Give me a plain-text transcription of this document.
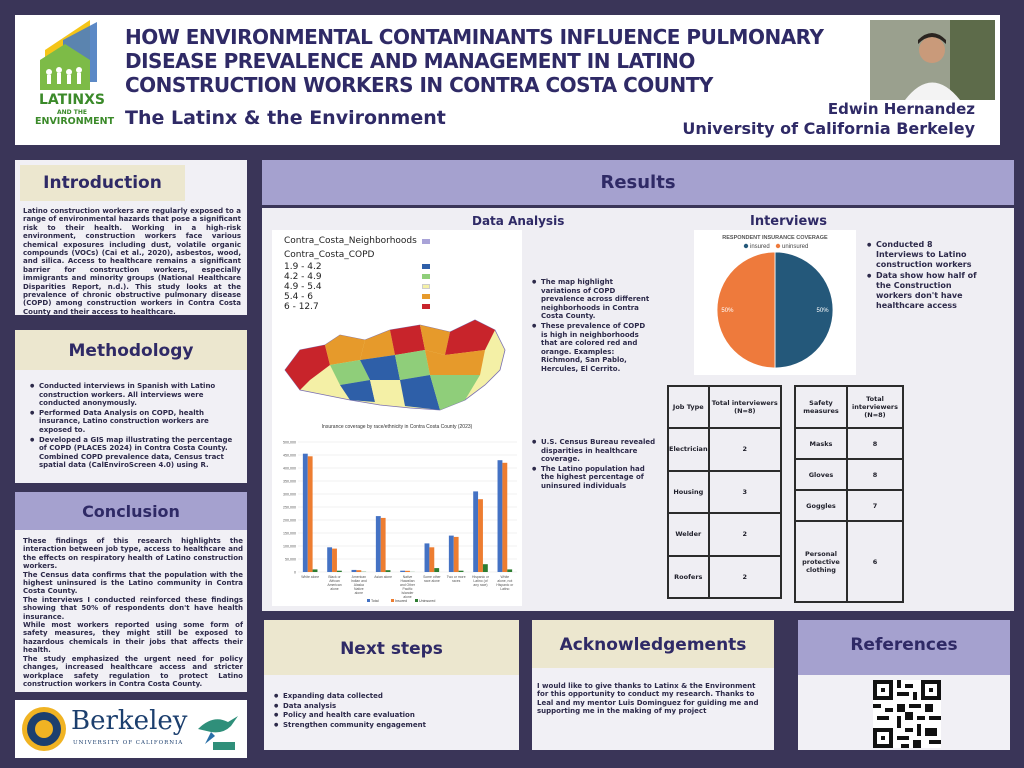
LATINXS
AND THE
ENVIRONMENT
HOW ENVIRONMENTAL CONTAMINANTS INFLUENCE PULMONARY DISEASE PREVALENCE AND MANAGEMENT IN LATINO CONSTRUCTION WORKERS IN CONTRA COSTA COUNTY
The Latinx & the Environment	Edwin Hernandez
University of California Berkeley
Introduction
Latino construction workers are regularly exposed to a range of environmental hazards that pose a significant risk to their health. Working in a high-risk environment, construction workers face various chemical exposures including dust, volatile organic compounds (VOCs) (Cai et al., 2020), asbestos, wood, and silica. Access to healthcare remains a significant barrier for construction workers, especially immigrants and minority groups (National Healthcare Disparities Report, n.d.). This study looks at the prevalence of chronic obstructive pulmonary disease (COPD) among construction workers in Contra Costa County and their access to healthcare.
Methodology
● Conducted interviews in Spanish with Latino construction workers. All interviews were conducted anonymously.
● Performed Data Analysis on COPD, health insurance, Latino construction workers are exposed to.
● Developed a GIS map illustrating the percentage of COPD (PLACES 2024) in Contra Costa County. Combined COPD prevalence data, Census tract spatial data (CalEnviroScreen 4.0) using R.
Conclusion

These findings of this research highlights the interaction between job type, access to healthcare and the effects on respiratory health of Latino construction workers.

The Census data confirms that the population with the highest uninsured is the Latino community in Contra Costa County.

The interviews I conducted reinforced these findings showing that 50% of respondents don't have health insurance.

While most workers reported using some form of safety measures, they might still be exposed to hazardous chemicals in their jobs that affects their health.

The study emphasized the urgent need for policy changes, increased healthcare access and stricter workplace safety regulation to protect Latino construction workers in Contra Costa County.

Berkeley
UNIVERSITY OF CALIFORNIA
Results
Data Analysis	Interviews
Contra_Costa_Neighborhoods
Contra_Costa_COPD
1.9 - 4.2
4.2 - 4.9
4.9 - 5.4
5.4 - 6
6 - 12.7
● The map highlight variations of COPD prevalence across different neighborhoods in Contra Costa County.
● These prevalence of COPD is high in neighborhoods that are colored red and orange. Examples: Richmond, San Pablo, Hercules, El Cerrito.
Insurance coverage by race/ethnicity in Contra Costa County (2023)
0
50,000
100,000
150,000
200,000
250,000
300,000
350,000
400,000
450,000
500,000
White alone	Black or African American alone
American Indian and Alaska Native alone
Asian alone	Native Hawaiian and Other Pacific Islander alone
Some other race alone
Two or more races
Hispanic or Latino (of any race)
White alone, not Hispanic or Latino
Total	Insured	Uninsured
● U.S. Census Bureau revealed disparities in healthcare coverage.
● The Latino population had the highest percentage of uninsured individuals
RESPONDENT INSURANCE COVERAGE
insured uninsured
50%
50%
● Conducted 8 Interviews to Latino construction workers
● Data show how half of the Construction workers don't have healthcare access
Job Type	Total interviewers (N=8)
Electrician	2
Housing	3
Welder	2
Roofers	2
Safety measures	Total interviewers (N=8)
Masks	8
Gloves	8
Goggles	7
Personal protective clothing	6
Next steps
● Expanding data collected
● Data analysis
● Policy and health care evaluation
● Strengthen community engagement
Acknowledgements
I would like to give thanks to Latinx & the Environment for this opportunity to conduct my research. Thanks to Leal and my mentor Luis Dominguez for guiding me and supporting me in the making of my project
References
